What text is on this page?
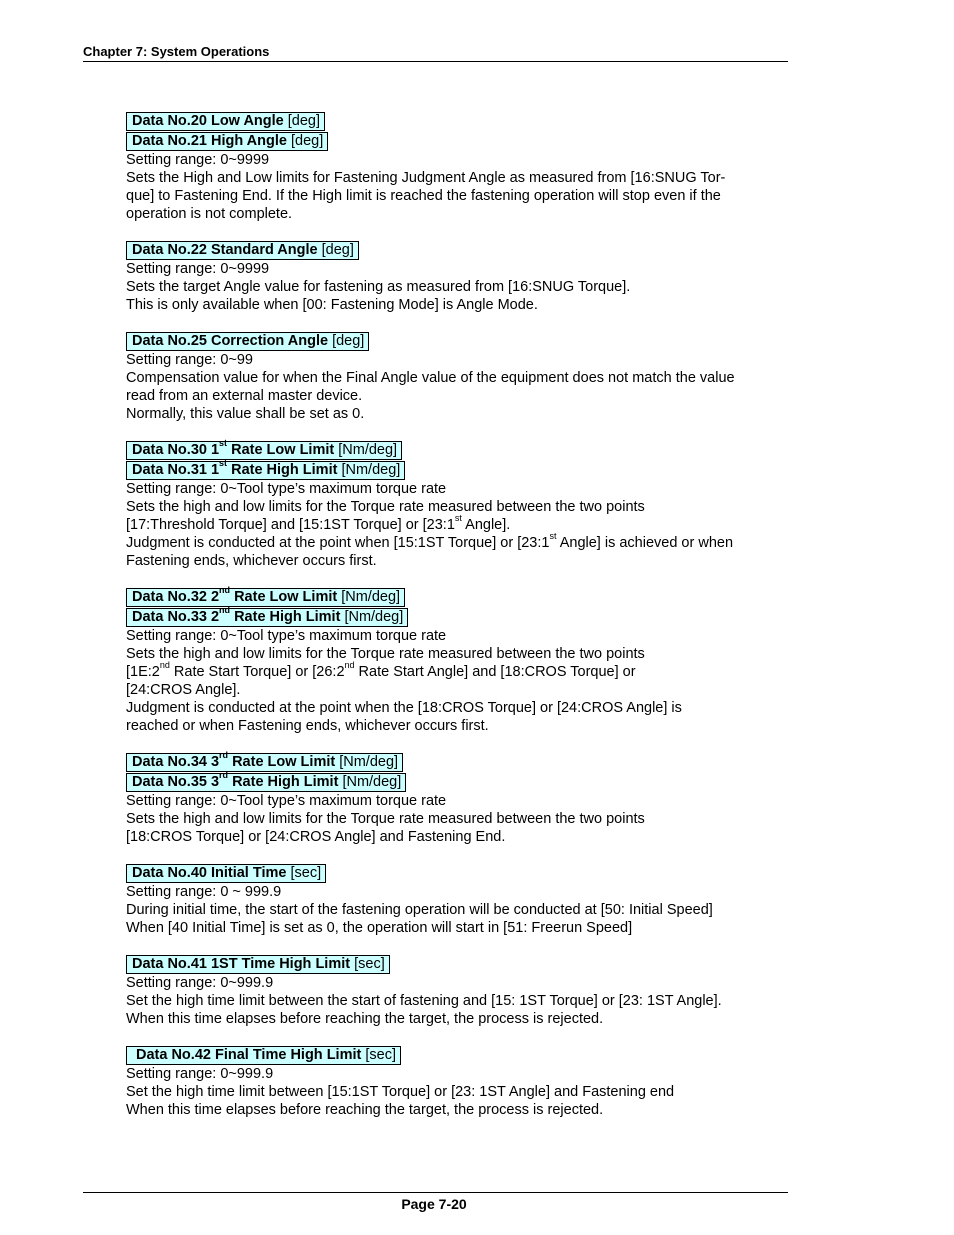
Chapter 7: System Operations
Data No.20 Low Angle [deg]
Data No.21 High Angle [deg]
Setting range: 0~9999
Sets the High and Low limits for Fastening Judgment Angle as measured from [16:SNUG Tor-
que] to Fastening End. If the High limit is reached the fastening operation will stop even if the
operation is not complete.
Data No.22 Standard Angle [deg]
Setting range: 0~9999
Sets the target Angle value for fastening as measured from [16:SNUG Torque].
This is only available when [00: Fastening Mode] is Angle Mode.
Data No.25 Correction Angle [deg]
Setting range: 0~99
Compensation value for when the Final Angle value of the equipment does not match the value
read from an external master device.
Normally, this value shall be set as 0.
Data No.30 1st Rate Low Limit [Nm/deg]
Data No.31 1st Rate High Limit [Nm/deg]
Setting range: 0~Tool type’s maximum torque rate
Sets the high and low limits for the Torque rate measured between the two points
[17:Threshold Torque] and [15:1ST Torque] or [23:1st Angle].
Judgment is conducted at the point when [15:1ST Torque] or [23:1st Angle] is achieved or when
Fastening ends, whichever occurs first.
Data No.32 2nd Rate Low Limit [Nm/deg]
Data No.33 2nd Rate High Limit [Nm/deg]
Setting range: 0~Tool type’s maximum torque rate
Sets the high and low limits for the Torque rate measured between the two points
[1E:2nd Rate Start Torque] or [26:2nd Rate Start Angle] and [18:CROS Torque] or
[24:CROS Angle].
Judgment is conducted at the point when the [18:CROS Torque] or [24:CROS Angle] is
reached or when Fastening ends, whichever occurs first.
Data No.34 3rd Rate Low Limit [Nm/deg]
Data No.35 3rd Rate High Limit [Nm/deg]
Setting range: 0~Tool type’s maximum torque rate
Sets the high and low limits for the Torque rate measured between the two points
[18:CROS Torque] or [24:CROS Angle] and Fastening End.
Data No.40 Initial Time [sec]
Setting range: 0 ~ 999.9
During initial time, the start of the fastening operation will be conducted at [50: Initial Speed]
When [40 Initial Time] is set as 0, the operation will start in [51: Freerun Speed]
Data No.41 1ST Time High Limit [sec]
Setting range: 0~999.9
Set the high time limit between the start of fastening and [15: 1ST Torque] or [23: 1ST Angle].
When this time elapses before reaching the target, the process is rejected.
Data No.42 Final Time High Limit [sec]
Setting range: 0~999.9
Set the high time limit between [15:1ST Torque] or [23: 1ST Angle] and Fastening end
When this time elapses before reaching the target, the process is rejected.
Page 7-20
